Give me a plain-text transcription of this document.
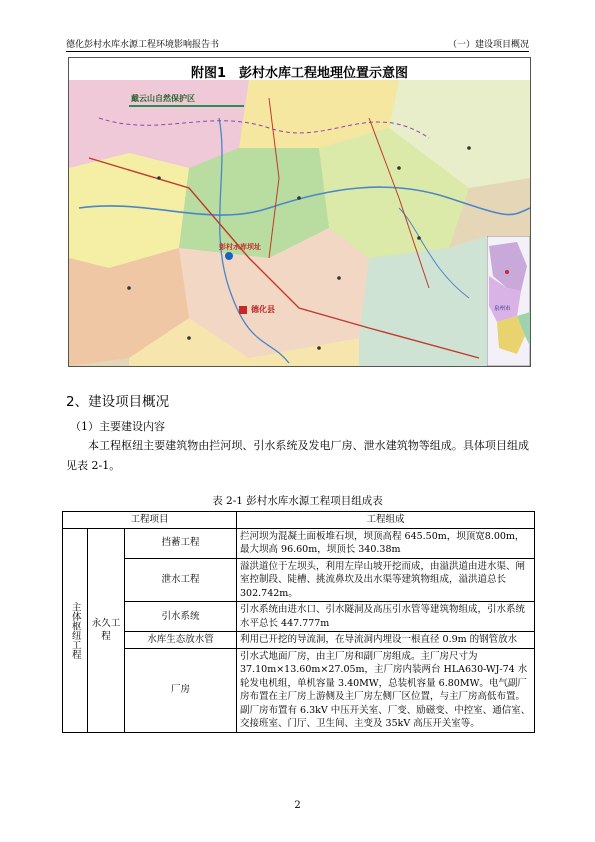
德化彭村水库水源工程环境影响报告书	（一）建设项目概况
附图1　彭村水库工程地理位置示意图
戴云山自然保护区
彭村水库坝址
德化县	泉州市
2、建设项目概况
（1）主要建设内容
本工程枢纽主要建筑物由拦河坝、引水系统及发电厂房、泄水建筑物等组成。具体项目组成见表 2-1。
表 2-1 彭村水库水源工程项目组成表
工程项目			工程组成
主体枢纽工程	永久工程	挡蓄工程	拦河坝为混凝土面板堆石坝，坝顶高程 645.50m，坝顶宽8.00m，最大坝高 96.60m，坝顶长 340.38m
		泄水工程	溢洪道位于左坝头，利用左岸山坡开挖而成，由溢洪道由进水渠、闸室控制段、陡槽、挑流鼻坎及出水渠等建筑物组成，溢洪道总长 302.742m。
		引水系统	引水系统由进水口、引水隧洞及高压引水管等建筑物组成，引水系统水平总长 447.777m
		水库生态放水管	利用已开挖的导流洞，在导流洞内埋设一根直径 0.9m 的钢管放水
		厂房	引水式地面厂房，由主厂房和副厂房组成。主厂房尺寸为37.10m×13.60m×27.05m，主厂房内装两台 HLA630-WJ-74 水轮发电机组，单机容量 3.40MW，总装机容量 6.80MW。电气副厂房布置在主厂房上游侧及主厂房左侧厂区位置，与主厂房高低布置。副厂房布置有 6.3kV 中压开关室、厂变、励磁变、中控室、通信室、交接班室、门厅、卫生间、主变及 35kV 高压开关室等。
2
